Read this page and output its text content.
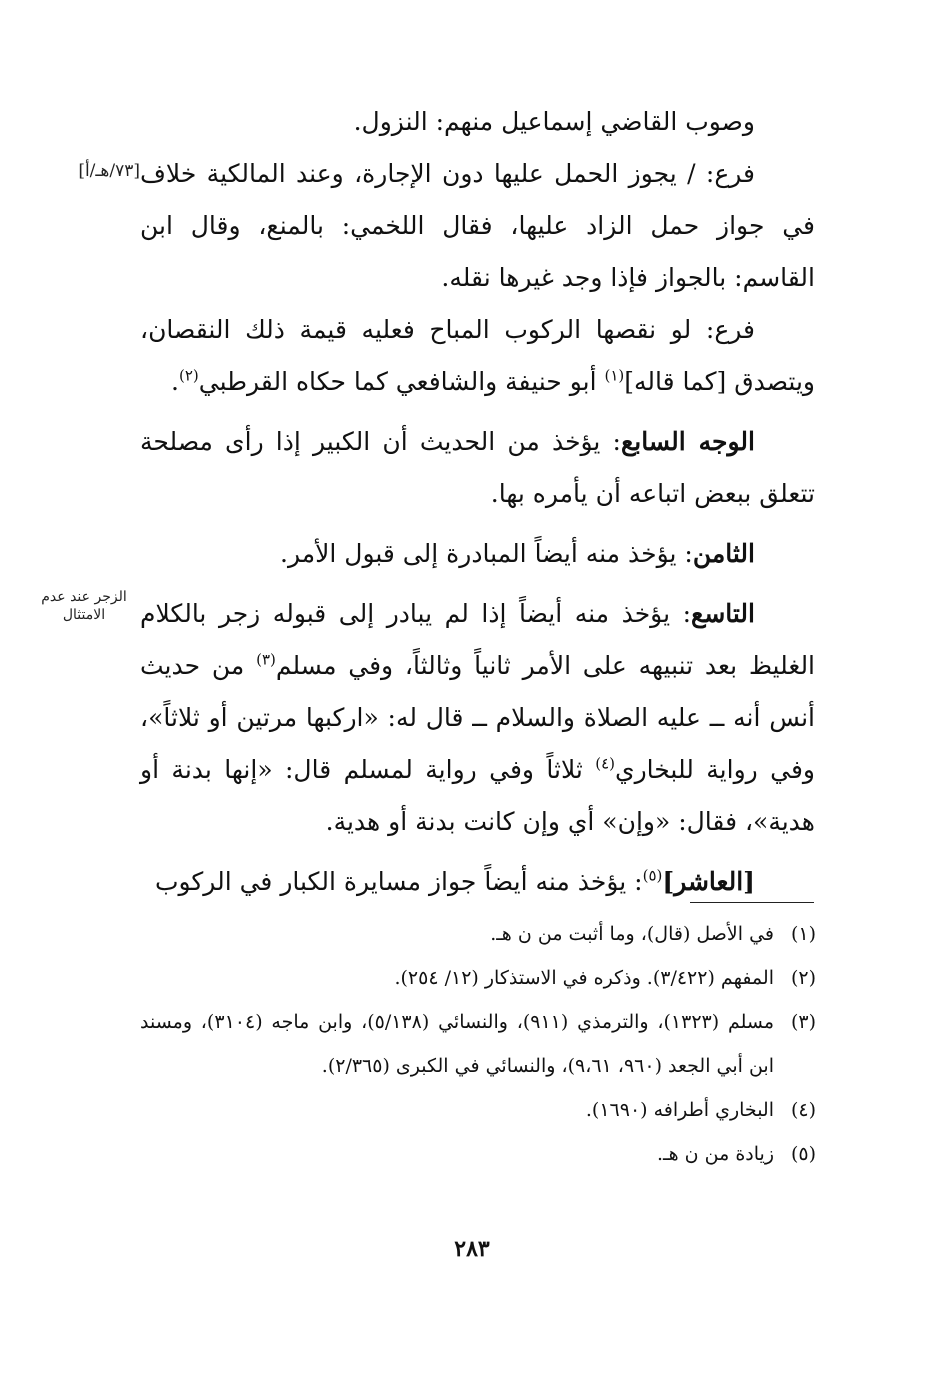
[٧٣/هـ/أ]
الزجر عند عدم
الامتثال

وصوب القاضي إسماعيل منهم: النزول.

فرع: / يجوز الحمل عليها دون الإجارة، وعند المالكية خلاف في جواز حمل الزاد عليها، فقال اللخمي: بالمنع، وقال ابن القاسم: بالجواز فإذا وجد غيرها نقله.

فرع: لو نقصها الركوب المباح فعليه قيمة ذلك النقصان، ويتصدق [كما قاله]$^{(١)}$ أبو حنيفة والشافعي كما حكاه القرطبي$^{(٢)}$.

الوجه السابع: يؤخذ من الحديث أن الكبير إذا رأى مصلحة تتعلق ببعض اتباعه أن يأمره بها.

الثامن: يؤخذ منه أيضاً المبادرة إلى قبول الأمر.

التاسع: يؤخذ منه أيضاً إذا لم يبادر إلى قبوله زجر بالكلام الغليظ بعد تنبيهه على الأمر ثانياً وثالثاً، وفي مسلم$^{(٣)}$ من حديث أنس أنه ــ عليه الصلاة والسلام ــ قال له: «اركبها مرتين أو ثلاثاً»، وفي رواية للبخاري$^{(٤)}$ ثلاثاً وفي رواية لمسلم قال: «إنها بدنة أو هدية»، فقال: «وإن» أي وإن كانت بدنة أو هدية.

[العاشر]$^{(٥)}$: يؤخذ منه أيضاً جواز مسايرة الكبار في الركوب

(١)
في الأصل (قال)، وما أثبت من ن هـ.
(٢)
المفهم (٣/٤٢٢). وذكره في الاستذكار (١٢/ ٢٥٤).
(٣)
مسلم (١٣٢٣)، والترمذي (٩١١)، والنسائي (٥/١٣٨)، وابن ماجه (٣١٠٤)، ومسند ابن أبي الجعد (٩٦٠، ٩،٦١)، والنسائي في الكبرى (٢/٣٦٥).
(٤)
البخاري أطرافه (١٦٩٠).
(٥)
زيادة من ن هـ.
٢٨٣
